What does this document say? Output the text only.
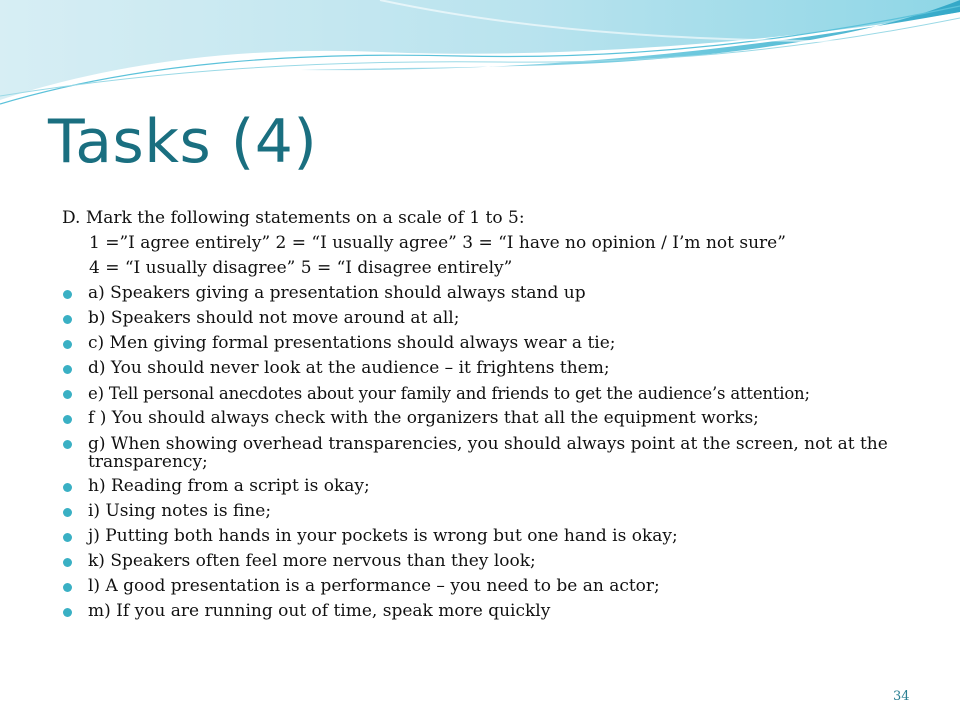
Tasks (4)

D. Mark the following statements on a scale of 1 to 5:

1 =”I agree entirely” 2 = “I usually agree” 3 = “I have no opinion / I’m not sure”

4 = “I usually disagree” 5 = “I disagree entirely”

a) Speakers giving a presentation should always stand up
b) Speakers should not move around at all;
c) Men giving formal presentations should always wear a tie;
d) You should never look at the audience – it frightens them;
e) Tell personal anecdotes about your family and friends to get the audience’s attention;
f ) You should always check with the organizers that all the equipment works;
g) When showing overhead transparencies, you should always point at the screen, not at the transparency;
h) Reading from a script is okay;
i) Using notes is fine;
j) Putting both hands in your pockets is wrong but one hand is okay;
k) Speakers often feel more nervous than they look;
l) A good presentation is a performance – you need to be an actor;
m) If you are running out of time, speak more quickly
34
